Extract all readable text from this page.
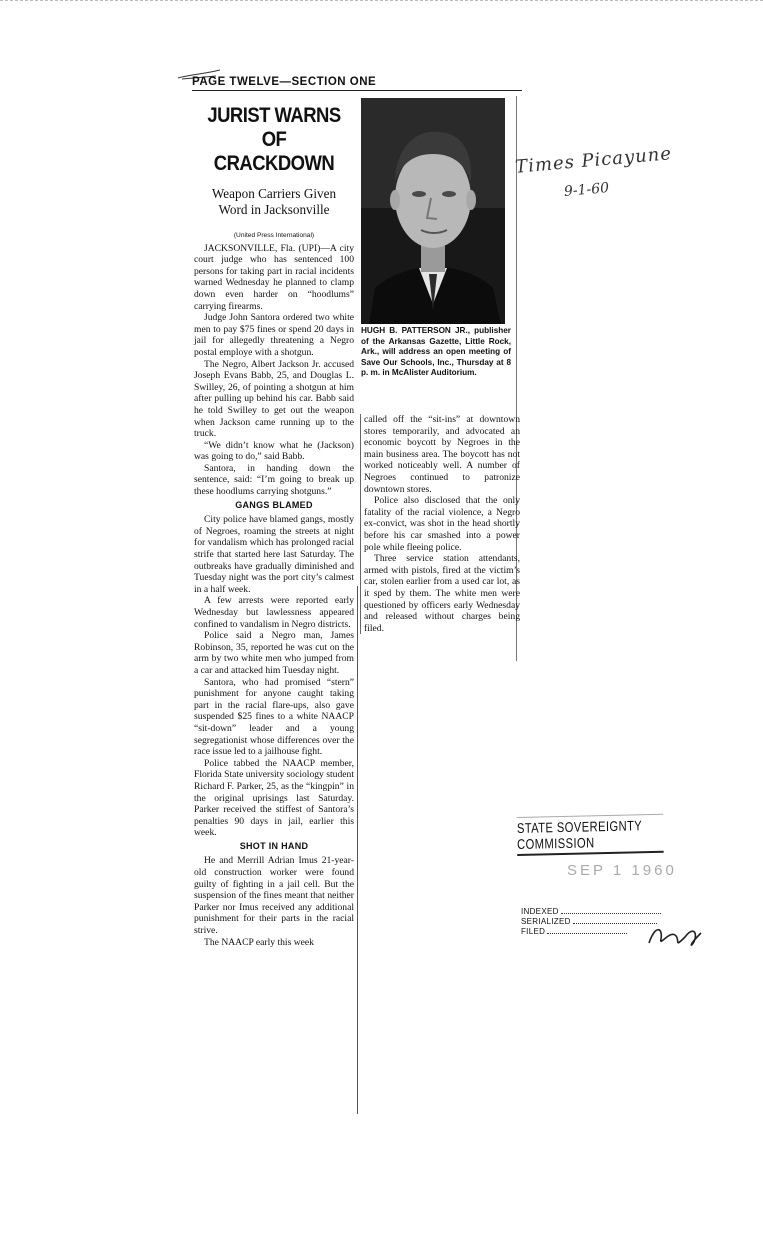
PAGE TWELVE—SECTION ONE
JURIST WARNS
OF CRACKDOWN
Weapon Carriers Given
Word in Jacksonville
(United Press International)

JACKSONVILLE, Fla. (UPI)—A city court judge who has sentenced 100 persons for taking part in racial incidents warned Wednesday he planned to clamp down even harder on “hoodlums” carrying firearms.

Judge John Santora ordered two white men to pay $75 fines or spend 20 days in jail for allegedly threatening a Negro postal employe with a shotgun.

The Negro, Albert Jackson Jr. accused Joseph Evans Babb, 25, and Douglas L. Swilley, 26, of pointing a shotgun at him after pulling up behind his car. Babb said he told Swilley to get out the weapon when Jackson came running up to the truck.

“We didn’t know what he (Jackson) was going to do,” said Babb.

Santora, in handing down the sentence, said: “I’m going to break up these hoodlums carrying shotguns.”

GANGS BLAMED

City police have blamed gangs, mostly of Negroes, roaming the streets at night for vandalism which has prolonged racial strife that started here last Saturday. The outbreaks have gradually diminished and Tuesday night was the port city’s calmest in a half week.

A few arrests were reported early Wednesday but lawlessness appeared confined to vandalism in Negro districts.

Police said a Negro man, James Robinson, 35, reported he was cut on the arm by two white men who jumped from a car and attacked him Tuesday night.

Santora, who had promised “stern” punishment for anyone caught taking part in the racial flare-ups, also gave suspended $25 fines to a white NAACP “sit-down” leader and a young segregationist whose differences over the race issue led to a jailhouse fight.

Police tabbed the NAACP member, Florida State university sociology student Richard F. Parker, 25, as the “kingpin” in the original uprisings last Saturday. Parker received the stiffest of Santora’s penalties 90 days in jail, earlier this week.

SHOT IN HAND

He and Merrill Adrian Imus 21-year-old construction worker were found guilty of fighting in a jail cell. But the suspension of the fines meant that neither Parker nor Imus received any additional punishment for their parts in the racial strive.

The NAACP early this week

HUGH B. PATTERSON JR., publisher of the Arkansas Gazette, Little Rock, Ark., will address an open meeting of Save Our Schools, Inc., Thursday at 8 p. m. in McAlister Auditorium.

called off the “sit-ins” at downtown stores temporarily, and advocated an economic boycott by Negroes in the main business area. The boycott has not worked noticeably well. A number of Negroes continued to patronize downtown stores.

Police also disclosed that the only fatality of the racial violence, a Negro ex-convict, was shot in the head shortly before his car smashed into a power pole while fleeing police.

Three service station attendants, armed with pistols, fired at the victim’s car, stolen earlier from a used car lot, as it sped by them. The white men were questioned by officers early Wednesday and released without charges being filed.

Times Picayune
9-1-60
STATE SOVEREIGNTY COMMISSION
SEP 1 1960
INDEXED
SERIALIZED
FILED
